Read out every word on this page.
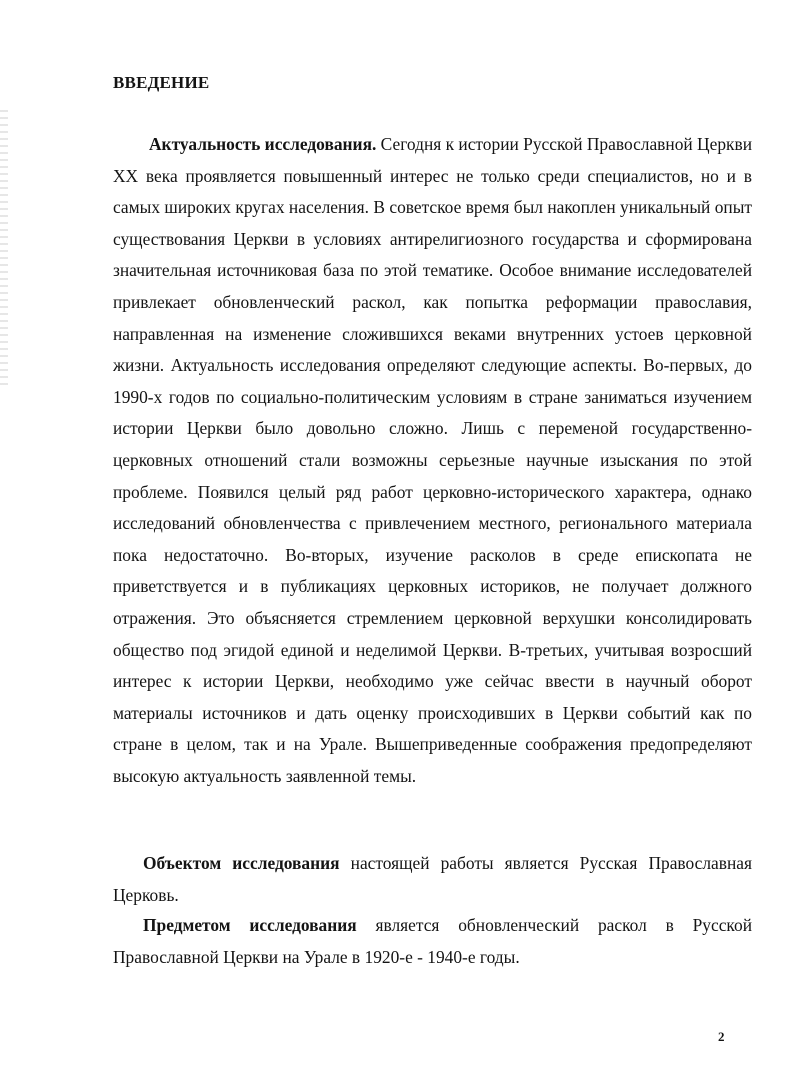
ВВЕДЕНИЕ

Актуальность исследования. Сегодня к истории Русской Православной Церкви XX века проявляется повышенный интерес не только среди специалистов, но и в самых широких кругах населения. В советское время был накоплен уникальный опыт существования Церкви в условиях антирелигиозного государства и сформирована значительная источниковая база по этой тематике. Особое внимание исследователей привлекает обновленческий раскол, как попытка реформации православия, направленная на изменение сложившихся веками внутренних устоев церковной жизни. Актуальность исследования определяют следующие аспекты. Во-первых, до 1990-х годов по социально-политическим условиям в стране заниматься изучением истории Церкви было довольно сложно. Лишь с переменой государственно-церковных отношений стали возможны серьезные научные изыскания по этой проблеме. Появился целый ряд работ церковно-исторического характера, однако исследований обновленчества с привлечением местного, регионального материала пока недостаточно. Во-вторых, изучение расколов в среде епископата не приветствуется и в публикациях церковных историков, не получает должного отражения. Это объясняется стремлением церковной верхушки консолидировать общество под эгидой единой и неделимой Церкви. В-третьих, учитывая возросший интерес к истории Церкви, необходимо уже сейчас ввести в научный оборот материалы источников и дать оценку происходивших в Церкви событий как по стране в целом, так и на Урале. Вышеприведенные соображения предопределяют высокую актуальность заявленной темы.

Объектом исследования настоящей работы является Русская Православная Церковь.

Предметом исследования является обновленческий раскол в Русской Православной Церкви на Урале в 1920-е - 1940-е годы.

2
